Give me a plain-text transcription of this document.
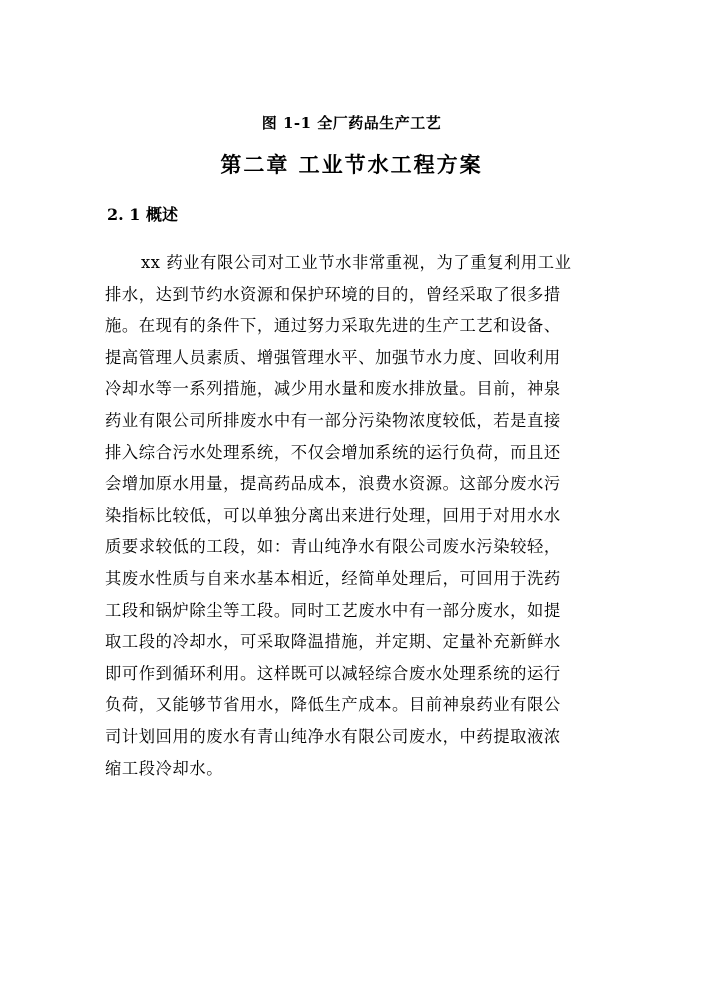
图 1-1 全厂药品生产工艺
第二章 工业节水工程方案
2. 1 概述
xx 药业有限公司对工业节水非常重视，为了重复利用工业
排水，达到节约水资源和保护环境的目的，曾经采取了很多措
施。在现有的条件下，通过努力采取先进的生产工艺和设备、
提高管理人员素质、增强管理水平、加强节水力度、回收利用
冷却水等一系列措施，减少用水量和废水排放量。目前，神泉
药业有限公司所排废水中有一部分污染物浓度较低，若是直接
排入综合污水处理系统，不仅会增加系统的运行负荷，而且还
会增加原水用量，提高药品成本，浪费水资源。这部分废水污
染指标比较低，可以单独分离出来进行处理，回用于对用水水
质要求较低的工段，如：青山纯净水有限公司废水污染较轻，
其废水性质与自来水基本相近，经简单处理后，可回用于洗药
工段和锅炉除尘等工段。同时工艺废水中有一部分废水，如提
取工段的冷却水，可采取降温措施，并定期、定量补充新鲜水
即可作到循环利用。这样既可以减轻综合废水处理系统的运行
负荷，又能够节省用水，降低生产成本。目前神泉药业有限公
司计划回用的废水有青山纯净水有限公司废水，中药提取液浓
缩工段冷却水。
